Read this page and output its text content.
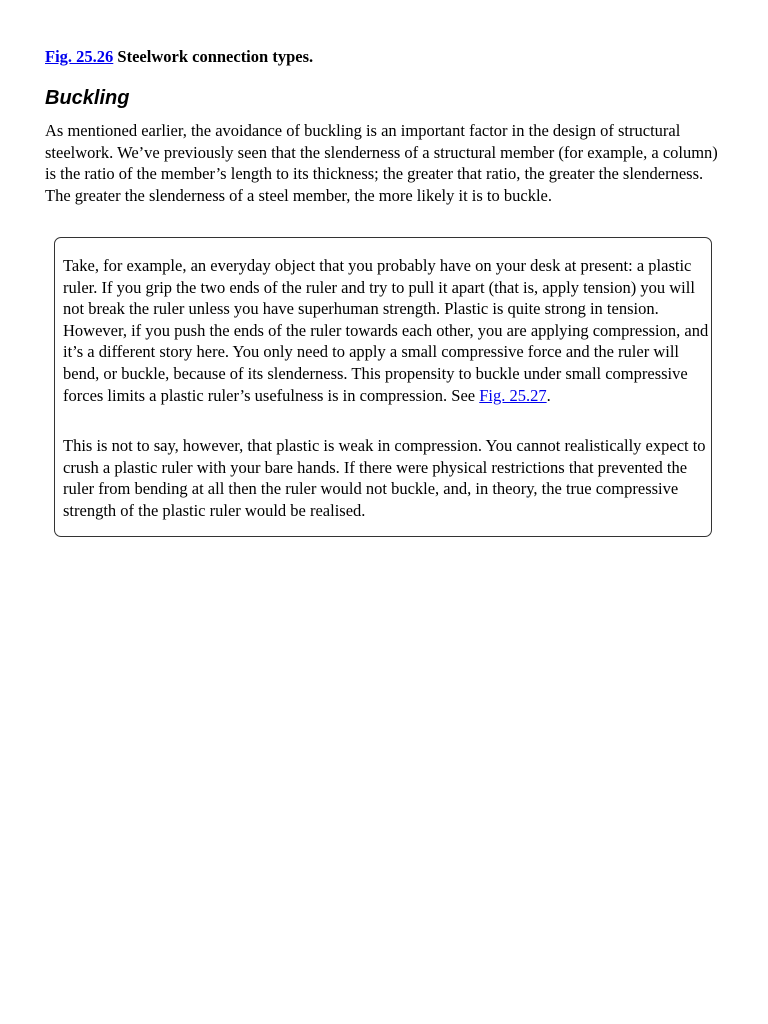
Fig. 25.26 Steelwork connection types.
Buckling

As mentioned earlier, the avoidance of buckling is an important factor in the design of structural steelwork. We’ve previously seen that the slenderness of a structural member (for example, a column) is the ratio of the member’s length to its thickness; the greater that ratio, the greater the slenderness. The greater the slenderness of a steel member, the more likely it is to buckle.

Take, for example, an everyday object that you probably have on your desk at present: a plastic ruler. If you grip the two ends of the ruler and try to pull it apart (that is, apply tension) you will not break the ruler unless you have superhuman strength. Plastic is quite strong in tension. However, if you push the ends of the ruler towards each other, you are applying compression, and it’s a different story here. You only need to apply a small compressive force and the ruler will bend, or buckle, because of its slenderness. This propensity to buckle under small compressive forces limits a plastic ruler’s usefulness is in compression. See Fig. 25.27.

This is not to say, however, that plastic is weak in compression. You cannot realistically expect to crush a plastic ruler with your bare hands. If there were physical restrictions that prevented the ruler from bending at all then the ruler would not buckle, and, in theory, the true compressive strength of the plastic ruler would be realised.
